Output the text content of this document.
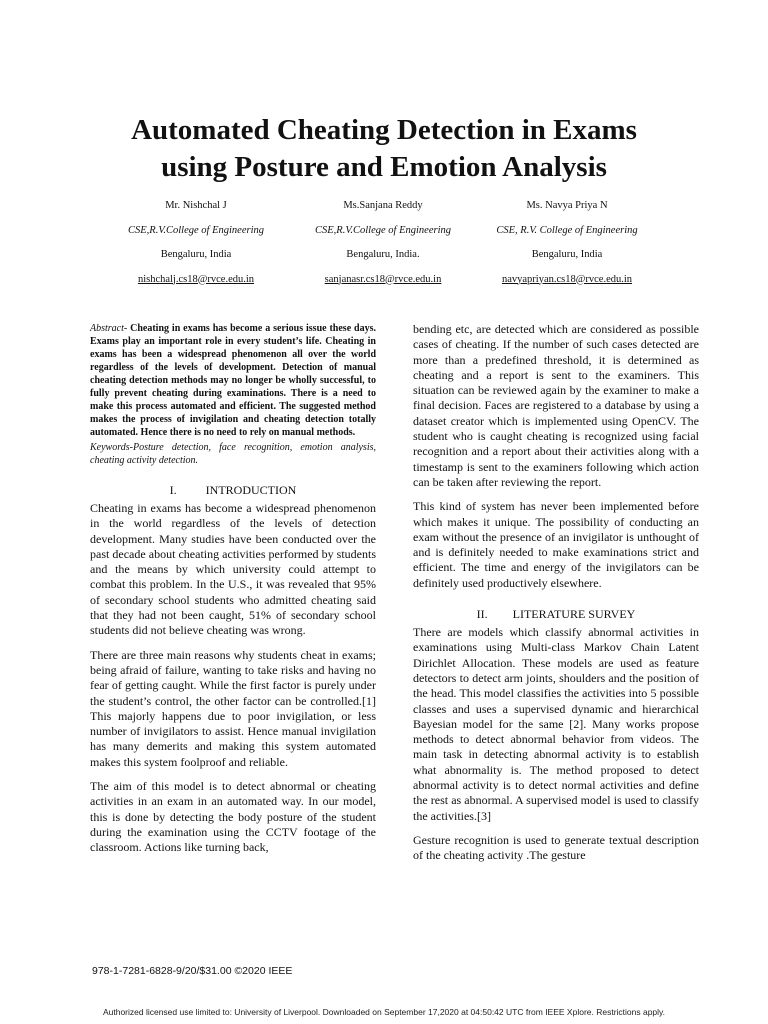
Automated Cheating Detection in Exams
using Posture and Emotion Analysis
Mr. Nishchal J
CSE,R.V.College of Engineering
Bengaluru, India
nishchalj.cs18@rvce.edu.in
Ms.Sanjana Reddy
CSE,R.V.College of Engineering
Bengaluru, India.
sanjanasr.cs18@rvce.edu.in
Ms. Navya Priya N
CSE, R.V. College of Engineering
Bengaluru, India
navyapriyan.cs18@rvce.edu.in

Abstract- Cheating in exams has become a serious issue these days. Exams play an important role in every student’s life. Cheating in exams has been a widespread phenomenon all over the world regardless of the levels of development. Detection of manual cheating detection methods may no longer be wholly successful, to fully prevent cheating during examinations. There is a need to make this process automated and efficient. The suggested method makes the process of invigilation and cheating detection totally automated. Hence there is no need to rely on manual methods.

Keywords-Posture detection, face recognition, emotion analysis, cheating activity detection.

I. INTRODUCTION

Cheating in exams has become a widespread phenomenon in the world regardless of the levels of detection development. Many studies have been conducted over the past decade about cheating activities performed by students and the means by which university could attempt to combat this problem. In the U.S., it was revealed that 95% of secondary school students who admitted cheating said that they had not been caught, 51% of secondary school students did not believe cheating was wrong.

There are three main reasons why students cheat in exams; being afraid of failure, wanting to take risks and having no fear of getting caught. While the first factor is purely under the student’s control, the other factor can be controlled.[1] This majorly happens due to poor invigilation, or less number of invigilators to assist. Hence manual invigilation has many demerits and making this system automated makes this system foolproof and reliable.

The aim of this model is to detect abnormal or cheating activities in an exam in an automated way. In our model, this is done by detecting the body posture of the student during the examination using the CCTV footage of the classroom. Actions like turning back,

bending etc, are detected which are considered as possible cases of cheating. If the number of such cases detected are more than a predefined threshold, it is determined as cheating and a report is sent to the examiners. This situation can be reviewed again by the examiner to make a final decision. Faces are registered to a database by using a dataset creator which is implemented using OpenCV. The student who is caught cheating is recognized using facial recognition and a report about their activities along with a timestamp is sent to the examiners following which action can be taken after reviewing the report.

This kind of system has never been implemented before which makes it unique. The possibility of conducting an exam without the presence of an invigilator is unthought of and is definitely needed to make examinations strict and efficient. The time and energy of the invigilators can be definitely used productively elsewhere.

II. LITERATURE SURVEY

There are models which classify abnormal activities in examinations using Multi-class Markov Chain Latent Dirichlet Allocation. These models are used as feature detectors to detect arm joints, shoulders and the position of the head. This model classifies the activities into 5 possible classes and uses a supervised dynamic and hierarchical Bayesian model for the same [2]. Many works propose methods to detect abnormal behavior from videos. The main task in detecting abnormal activity is to establish what abnormality is. The method proposed to detect abnormal activity is to detect normal activities and define the rest as abnormal. A supervised model is used to classify the activities.[3]

Gesture recognition is used to generate textual description of the cheating activity .The gesture

978-1-7281-6828-9/20/$31.00 ©2020 IEEE
Authorized licensed use limited to: University of Liverpool. Downloaded on September 17,2020 at 04:50:42 UTC from IEEE Xplore. Restrictions apply.
